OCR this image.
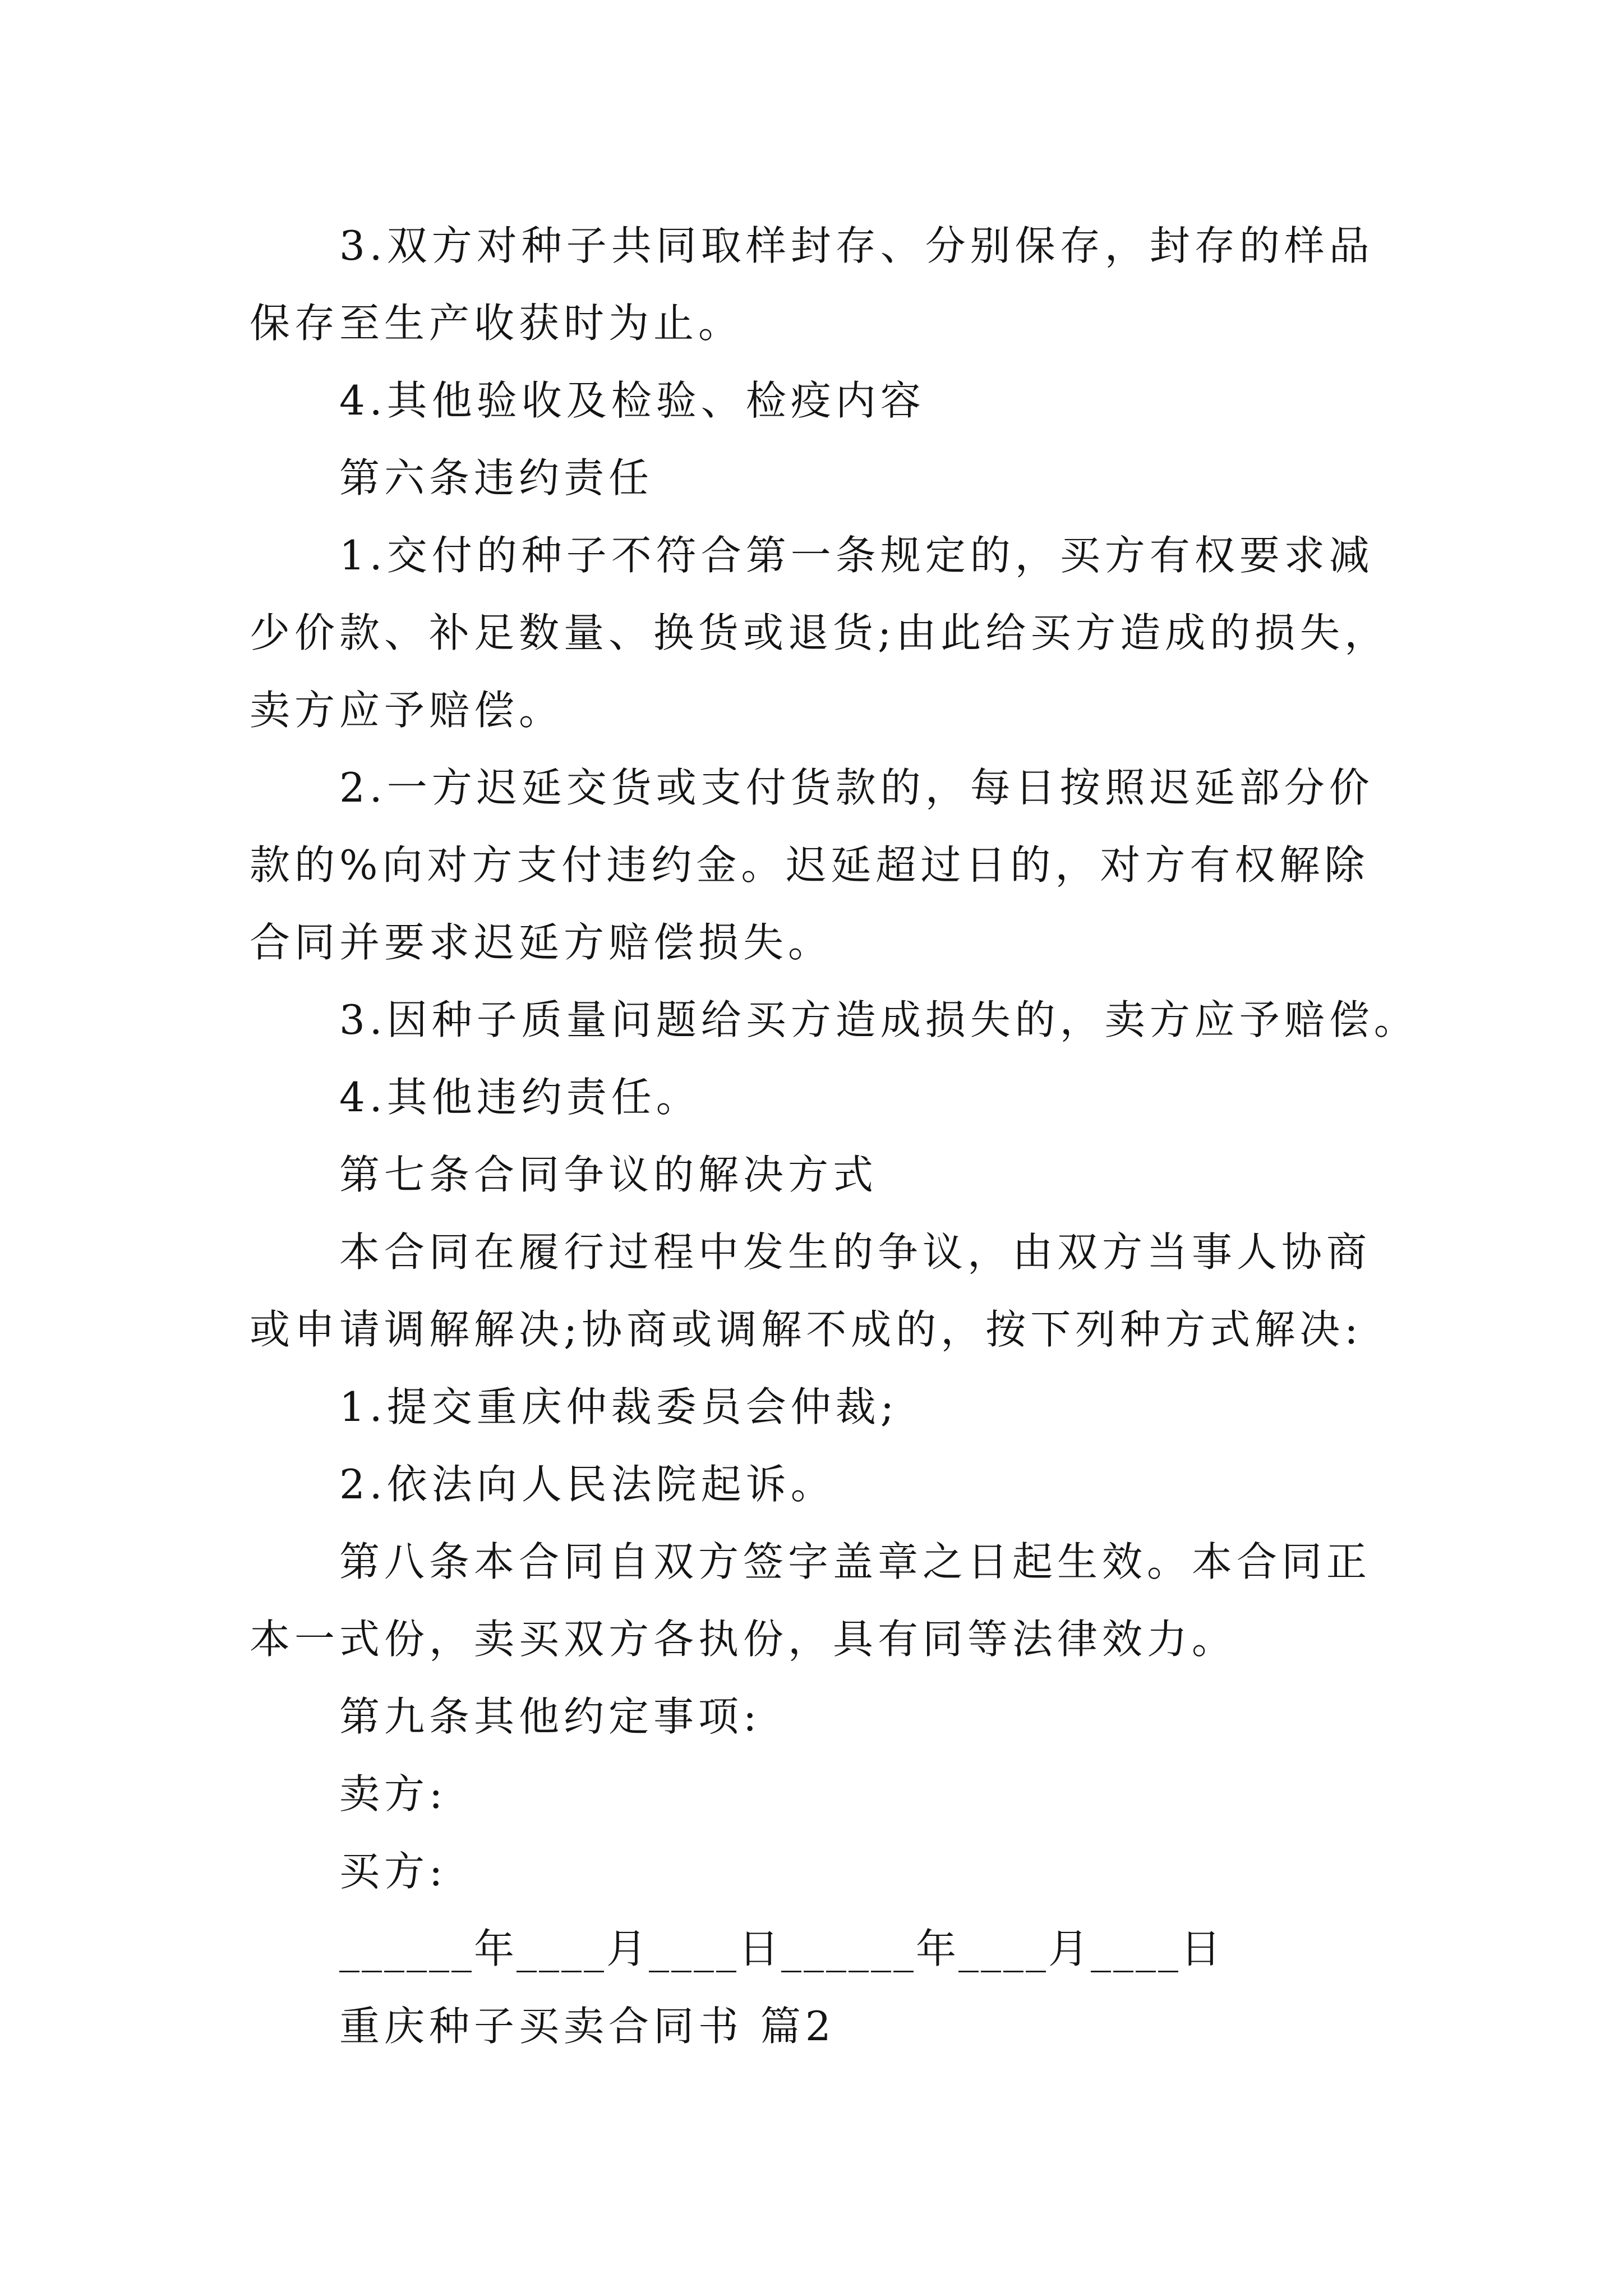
3.双方对种子共同取样封存、分别保存，封存的样品保存至生产收获时为止。

4.其他验收及检验、检疫内容

第六条违约责任

1.交付的种子不符合第一条规定的，买方有权要求减少价款、补足数量、换货或退货;由此给买方造成的损失，卖方应予赔偿。

2.一方迟延交货或支付货款的，每日按照迟延部分价款的%向对方支付违约金。迟延超过日的，对方有权解除合同并要求迟延方赔偿损失。

3.因种子质量问题给买方造成损失的，卖方应予赔偿。

4.其他违约责任。

第七条合同争议的解决方式

本合同在履行过程中发生的争议，由双方当事人协商或申请调解解决;协商或调解不成的，按下列种方式解决:

1.提交重庆仲裁委员会仲裁;

2.依法向人民法院起诉。

第八条本合同自双方签字盖章之日起生效。本合同正本一式份，卖买双方各执份，具有同等法律效力。

第九条其他约定事项:

卖方:

买方:

______年____月____日______年____月____日

重庆种子买卖合同书 篇2
